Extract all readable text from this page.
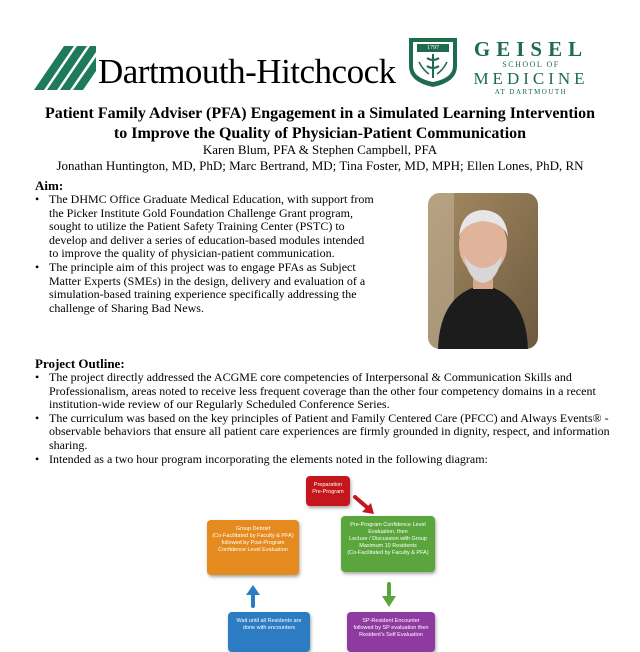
Dartmouth-Hitchcock
1797	GEISEL
SCHOOL OF
MEDICINE
AT DARTMOUTH
Patient Family Adviser (PFA) Engagement in a Simulated Learning Intervention
to Improve the Quality of Physician-Patient Communication
Karen Blum, PFA & Stephen Campbell, PFA
Jonathan Huntington, MD, PhD; Marc Bertrand, MD; Tina Foster, MD, MPH; Ellen Lones, PhD, RN
Aim:
• The DHMC Office Graduate Medical Education, with support from the Picker Institute Gold Foundation Challenge Grant program, sought to utilize the Patient Safety Training Center (PSTC) to develop and deliver a series of education-based modules intended to improve the quality of physician-patient communication.
• The principle aim of this project was to engage PFAs as Subject Matter Experts (SMEs) in the design, delivery and evaluation of a simulation-based training experience specifically addressing the challenge of Sharing Bad News.
Project Outline:
• The project directly addressed the ACGME core competencies of Interpersonal & Communication Skills and Professionalism, areas noted to receive less frequent coverage than the other four competency domains in a recent institution-wide review of our Regularly Scheduled Conference Series.
• The curriculum was based on the key principles of Patient and Family Centered Care (PFCC) and Always Events® - observable behaviors that ensure all patient care experiences are firmly grounded in dignity, respect, and information sharing.
• Intended as a two hour program incorporating the elements noted in the following diagram:
Preparation
Pre-Program
Pre-Program Confidence Level
Evaluation, then
Lecture / Discussion with Group
Maximum 10 Residents
(Co-Facilitated by Faculty & PFA)
Group Debrief
(Co-Facilitated by Faculty & PFA)
followed by Post-Program
Confidence Level Evaluation
Wait until all Residents are
done with encounters
SP-Resident Encounter
followed by SP evaluation then
Resident's Self Evaluation
